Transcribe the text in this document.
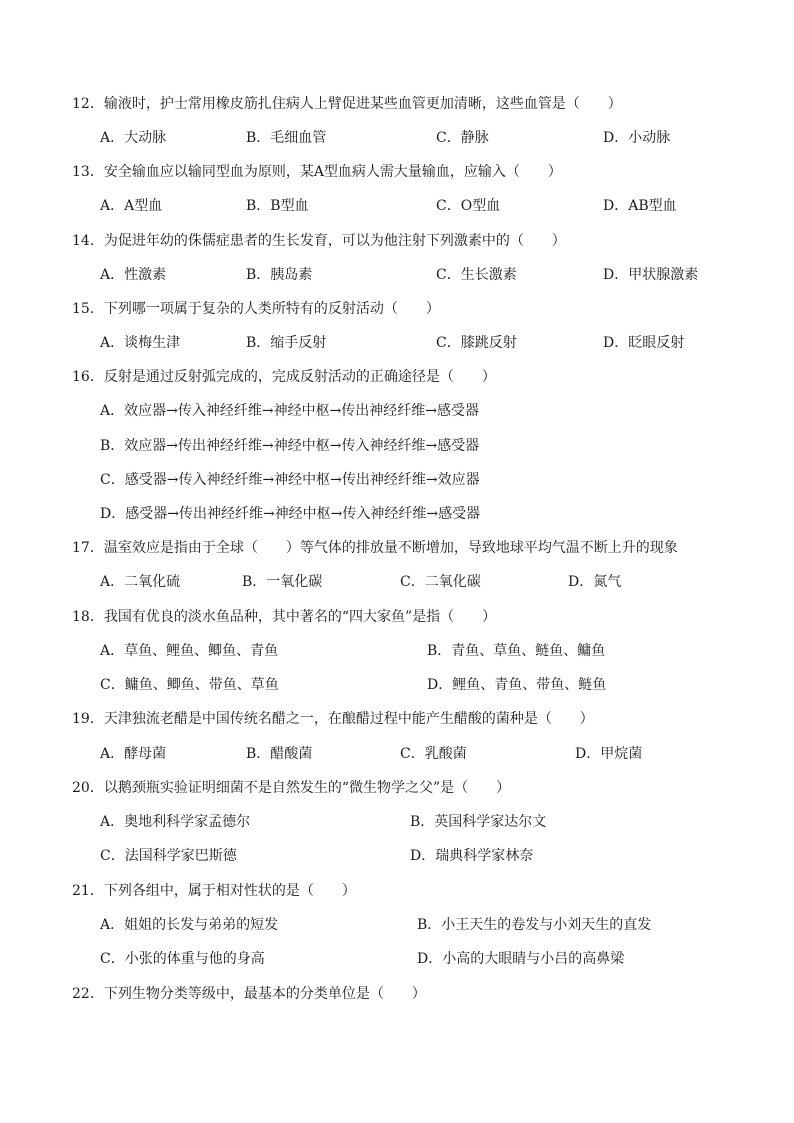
12．输液时，护士常用橡皮筋扎住病人上臂促进某些血管更加清晰，这些血管是（　　）
A．大动脉	B．毛细血管	C．静脉	D．小动脉
13．安全输血应以输同型血为原则，某A型血病人需大量输血，应输入（　　）
A．A型血	B．B型血	C．O型血	D．AB型血
14．为促进年幼的侏儒症患者的生长发育，可以为他注射下列激素中的（　　）
A．性激素	B．胰岛素	C．生长激素	D．甲状腺激素
15．下列哪一项属于复杂的人类所特有的反射活动（　　）
A．谈梅生津	B．缩手反射	C．膝跳反射	D．眨眼反射
16．反射是通过反射弧完成的，完成反射活动的正确途径是（　　）
A．效应器→传入神经纤维→神经中枢→传出神经纤维→感受器
B．效应器→传出神经纤维→神经中枢→传入神经纤维→感受器
C．感受器→传入神经纤维→神经中枢→传出神经纤维→效应器
D．感受器→传出神经纤维→神经中枢→传入神经纤维→感受器
17．温室效应是指由于全球（　　）等气体的排放量不断增加，导致地球平均气温不断上升的现象
A．二氧化硫	B．一氧化碳	C．二氧化碳	D．氮气
18．我国有优良的淡水鱼品种，其中著名的“四大家鱼”是指（　　）
A．草鱼、鲤鱼、鲫鱼、青鱼	B．青鱼、草鱼、鲢鱼、鳙鱼
C．鳙鱼、鲫鱼、带鱼、草鱼	D．鲤鱼、青鱼、带鱼、鲢鱼
19．天津独流老醋是中国传统名醋之一，在酿醋过程中能产生醋酸的菌种是（　　）
A．酵母菌	B．醋酸菌	C．乳酸菌	D．甲烷菌
20．以鹅颈瓶实验证明细菌不是自然发生的“微生物学之父”是（　　）
A．奥地利科学家孟德尔	B．英国科学家达尔文
C．法国科学家巴斯德	D．瑞典科学家林奈
21．下列各组中，属于相对性状的是（　　）
A．姐姐的长发与弟弟的短发	B．小王天生的卷发与小刘天生的直发
C．小张的体重与他的身高	D．小高的大眼睛与小吕的高鼻梁
22．下列生物分类等级中，最基本的分类单位是（　　）
